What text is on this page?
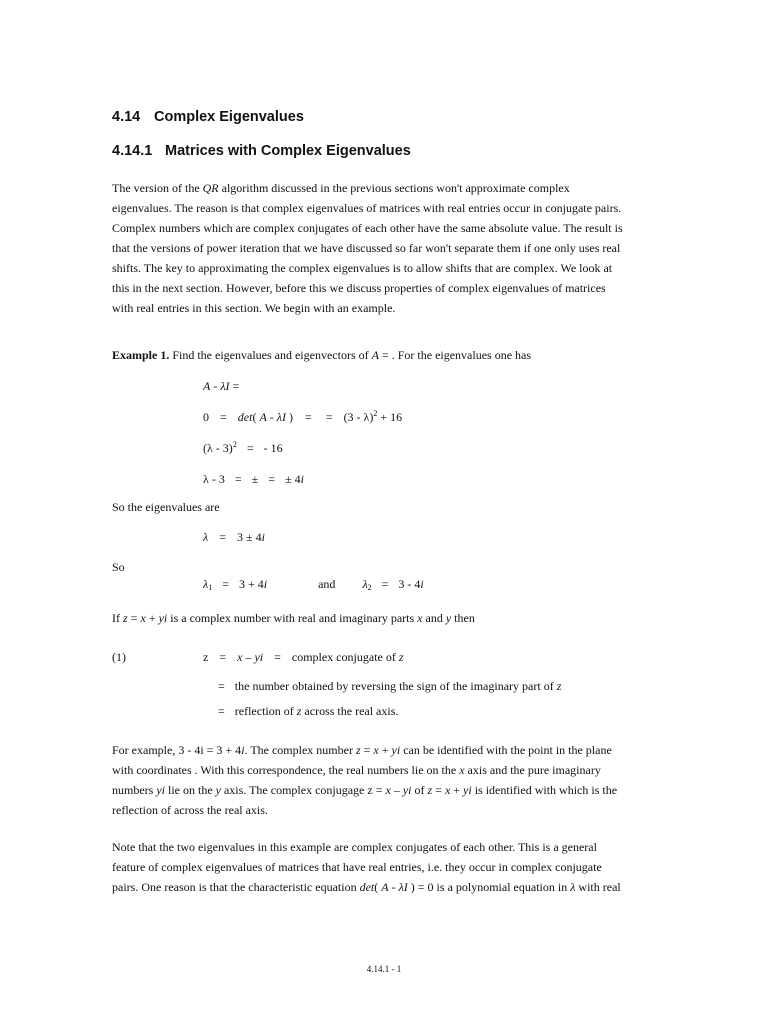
4.14 Complex Eigenvalues
4.14.1 Matrices with Complex Eigenvalues
The version of the QR algorithm discussed in the previous sections won't approximate complex
eigenvalues. The reason is that complex eigenvalues of matrices with real entries occur in conjugate pairs.
Complex numbers which are complex conjugates of each other have the same absolute value. The result is
that the versions of power iteration that we have discussed so far won't separate them if one only uses real
shifts. The key to approximating the complex eigenvalues is to allow shifts that are complex. We look at
this in the next section. However, before this we discuss properties of complex eigenvalues of matrices
with real entries in this section. We begin with an example.
Example 1. Find the eigenvalues and eigenvectors of A = . For the eigenvalues one has
A - λI =
0 = det( A - λI ) = = (3 - λ)$^2$ + 16
(λ - 3)$^2$ = - 16
λ - 3 = ± = ± 4i
So the eigenvalues are
λ = 3 ± 4i
So
$\lambda_1 = 3 + 4i$	and $\lambda_2 = 3 - 4i$
If z = x + yi is a complex number with real and imaginary parts x and y then
(1)	z = x – yi = complex conjugate of z
= the number obtained by reversing the sign of the imaginary part of z
= reflection of z across the real axis.
For example, 3 - 4i = 3 + 4i. The complex number z = x + yi can be identified with the point in the plane
with coordinates . With this correspondence, the real numbers lie on the x axis and the pure imaginary
numbers yi lie on the y axis. The complex conjugage z = x – yi of z = x + yi is identified with which is the
reflection of across the real axis.
Note that the two eigenvalues in this example are complex conjugates of each other. This is a general
feature of complex eigenvalues of matrices that have real entries, i.e. they occur in complex conjugate
pairs. One reason is that the characteristic equation det( A - λI ) = 0 is a polynomial equation in λ with real
4.14.1 - 1
